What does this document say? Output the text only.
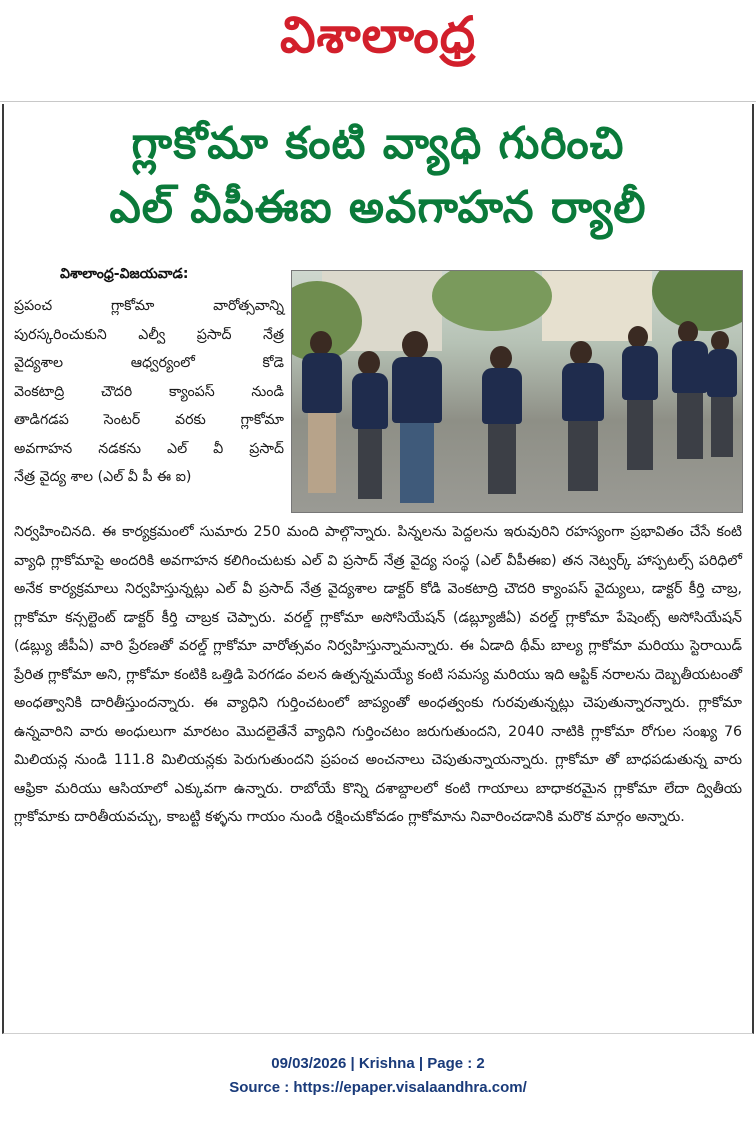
విశాలాంధ్ర
గ్లాకోమా కంటి వ్యాధి గురించి
ఎల్ వీపీఈఐ అవగాహన ర్యాలీ
విశాలాంధ్ర-విజయవాడ:
ప్రపంచ గ్లాకోమా వారోత్సవాన్ని
పురస్కరించుకుని ఎల్వీ ప్రసాద్ నేత్ర
వైద్యశాల ఆధ్వర్యంలో కోడె
వెంకటాద్రి చౌదరి క్యాంపస్ నుండి
తాడిగడప సెంటర్ వరకు గ్లాకోమా
అవగాహన నడకను ఎల్ వీ ప్రసాద్
నేత్ర వైద్య శాల (ఎల్ వీ పీ ఈ ఐ)

నిర్వహించినది. ఈ కార్యక్రమంలో సుమారు 250 మంది పాల్గొన్నారు. పిన్నలను పెద్దలను ఇరువురిని రహస్యంగా ప్రభావితం చేసే కంటి వ్యాధి గ్లాకోమాపై అందరికి అవగాహన కలిగించుటకు ఎల్ వి ప్రసాద్ నేత్ర వైద్య సంస్థ (ఎల్ వీపీఈఐ) తన నెట్వర్క్ హాస్పటల్స్ పరిధిలో అనేక కార్యక్రమాలు నిర్వహిస్తున్నట్లు ఎల్ వీ ప్రసాద్ నేత్ర వైద్యశాల డాక్టర్ కోడి వెంకటాద్రి చౌదరి క్యాంపస్ వైద్యులు, డాక్టర్ కీర్తి చాబ్ర, గ్లాకోమా కన్సల్టెంట్ డాక్టర్ కీర్తి చాబ్రక చెప్పారు. వరల్డ్ గ్లాకోమా అసోసియేషన్ (డబ్ల్యూజీఏ) వరల్డ్ గ్లాకోమా పేషెంట్స్ అసోసియేషన్ (డబ్ల్యు జీపీఏ) వారి ప్రేరణతో వరల్డ్ గ్లాకోమా వారోత్సవం నిర్వహిస్తున్నామన్నారు. ఈ ఏడాది థీమ్ బాల్య గ్లాకోమా మరియు స్టెరాయిడ్ ప్రేరిత గ్లాకోమా అని, గ్లాకోమా కంటికి ఒత్తిడి పెరగడం వలన ఉత్పన్నమయ్యే కంటి సమస్య మరియు ఇది ఆప్టిక్ నరాలను దెబ్బతీయటంతో అంధత్వానికి దారితీస్తుందన్నారు. ఈ వ్యాధిని గుర్తించటంలో జాప్యంతో అంధత్వంకు గురవుతున్నట్లు చెపుతున్నారన్నారు. గ్లాకోమా ఉన్నవారిని వారు అంధులుగా మారటం మొదలైతేనే వ్యాధిని గుర్తించటం జరుగుతుందని, 2040 నాటికి గ్లాకోమా రోగుల సంఖ్య 76 మిలియన్ల నుండి 111.8 మిలియన్లకు పెరుగుతుందని ప్రపంచ అంచనాలు చెపుతున్నాయన్నారు. గ్లాకోమా తో బాధపడుతున్న వారు ఆఫ్రికా మరియు ఆసియాలో ఎక్కువగా ఉన్నారు. రాబోయే కొన్ని దశాబ్దాలలో కంటి గాయాలు బాధాకరమైన గ్లాకోమా లేదా ద్వితీయ గ్లాకోమాకు దారితీయవచ్చు, కాబట్టి కళ్ళను గాయం నుండి రక్షించుకోవడం గ్లాకోమాను నివారించడానికి మరొక మార్గం అన్నారు.

09/03/2026 | Krishna | Page : 2
Source : https://epaper.visalaandhra.com/
